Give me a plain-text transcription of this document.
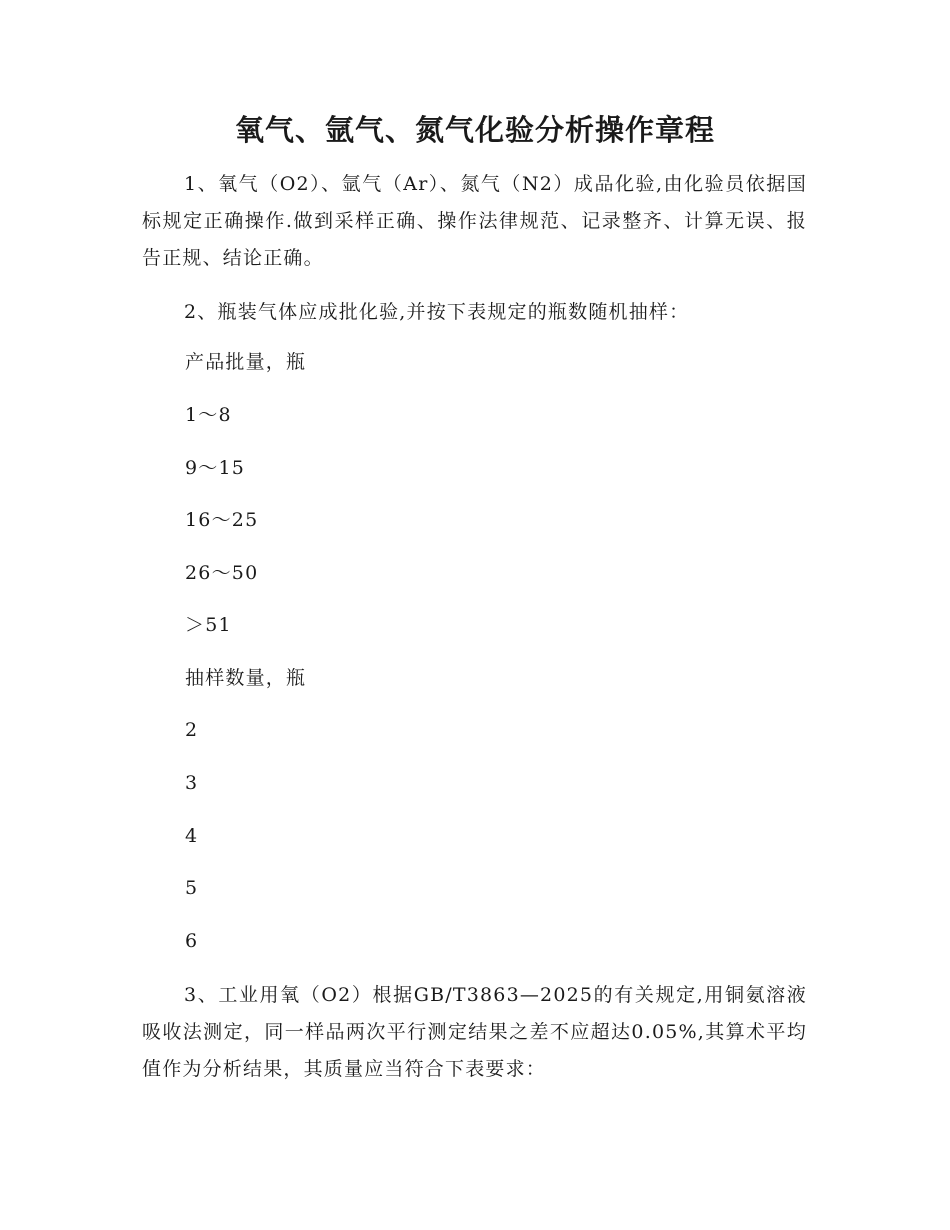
氧气、氩气、氮气化验分析操作章程

1、氧气（O2）、氩气（Ar）、氮气（N2）成品化验,由化验员依据国标规定正确操作.做到采样正确、操作法律规范、记录整齐、计算无误、报告正规、结论正确。

2、瓶装气体应成批化验,并按下表规定的瓶数随机抽样：

产品批量，瓶

1～8

9～15

16～25

26～50

＞51

抽样数量，瓶

2

3

4

5

6

3、工业用氧（O2）根据GB/T3863—2025的有关规定,用铜氨溶液吸收法测定，同一样品两次平行测定结果之差不应超达0.05%,其算术平均值作为分析结果，其质量应当符合下表要求：
